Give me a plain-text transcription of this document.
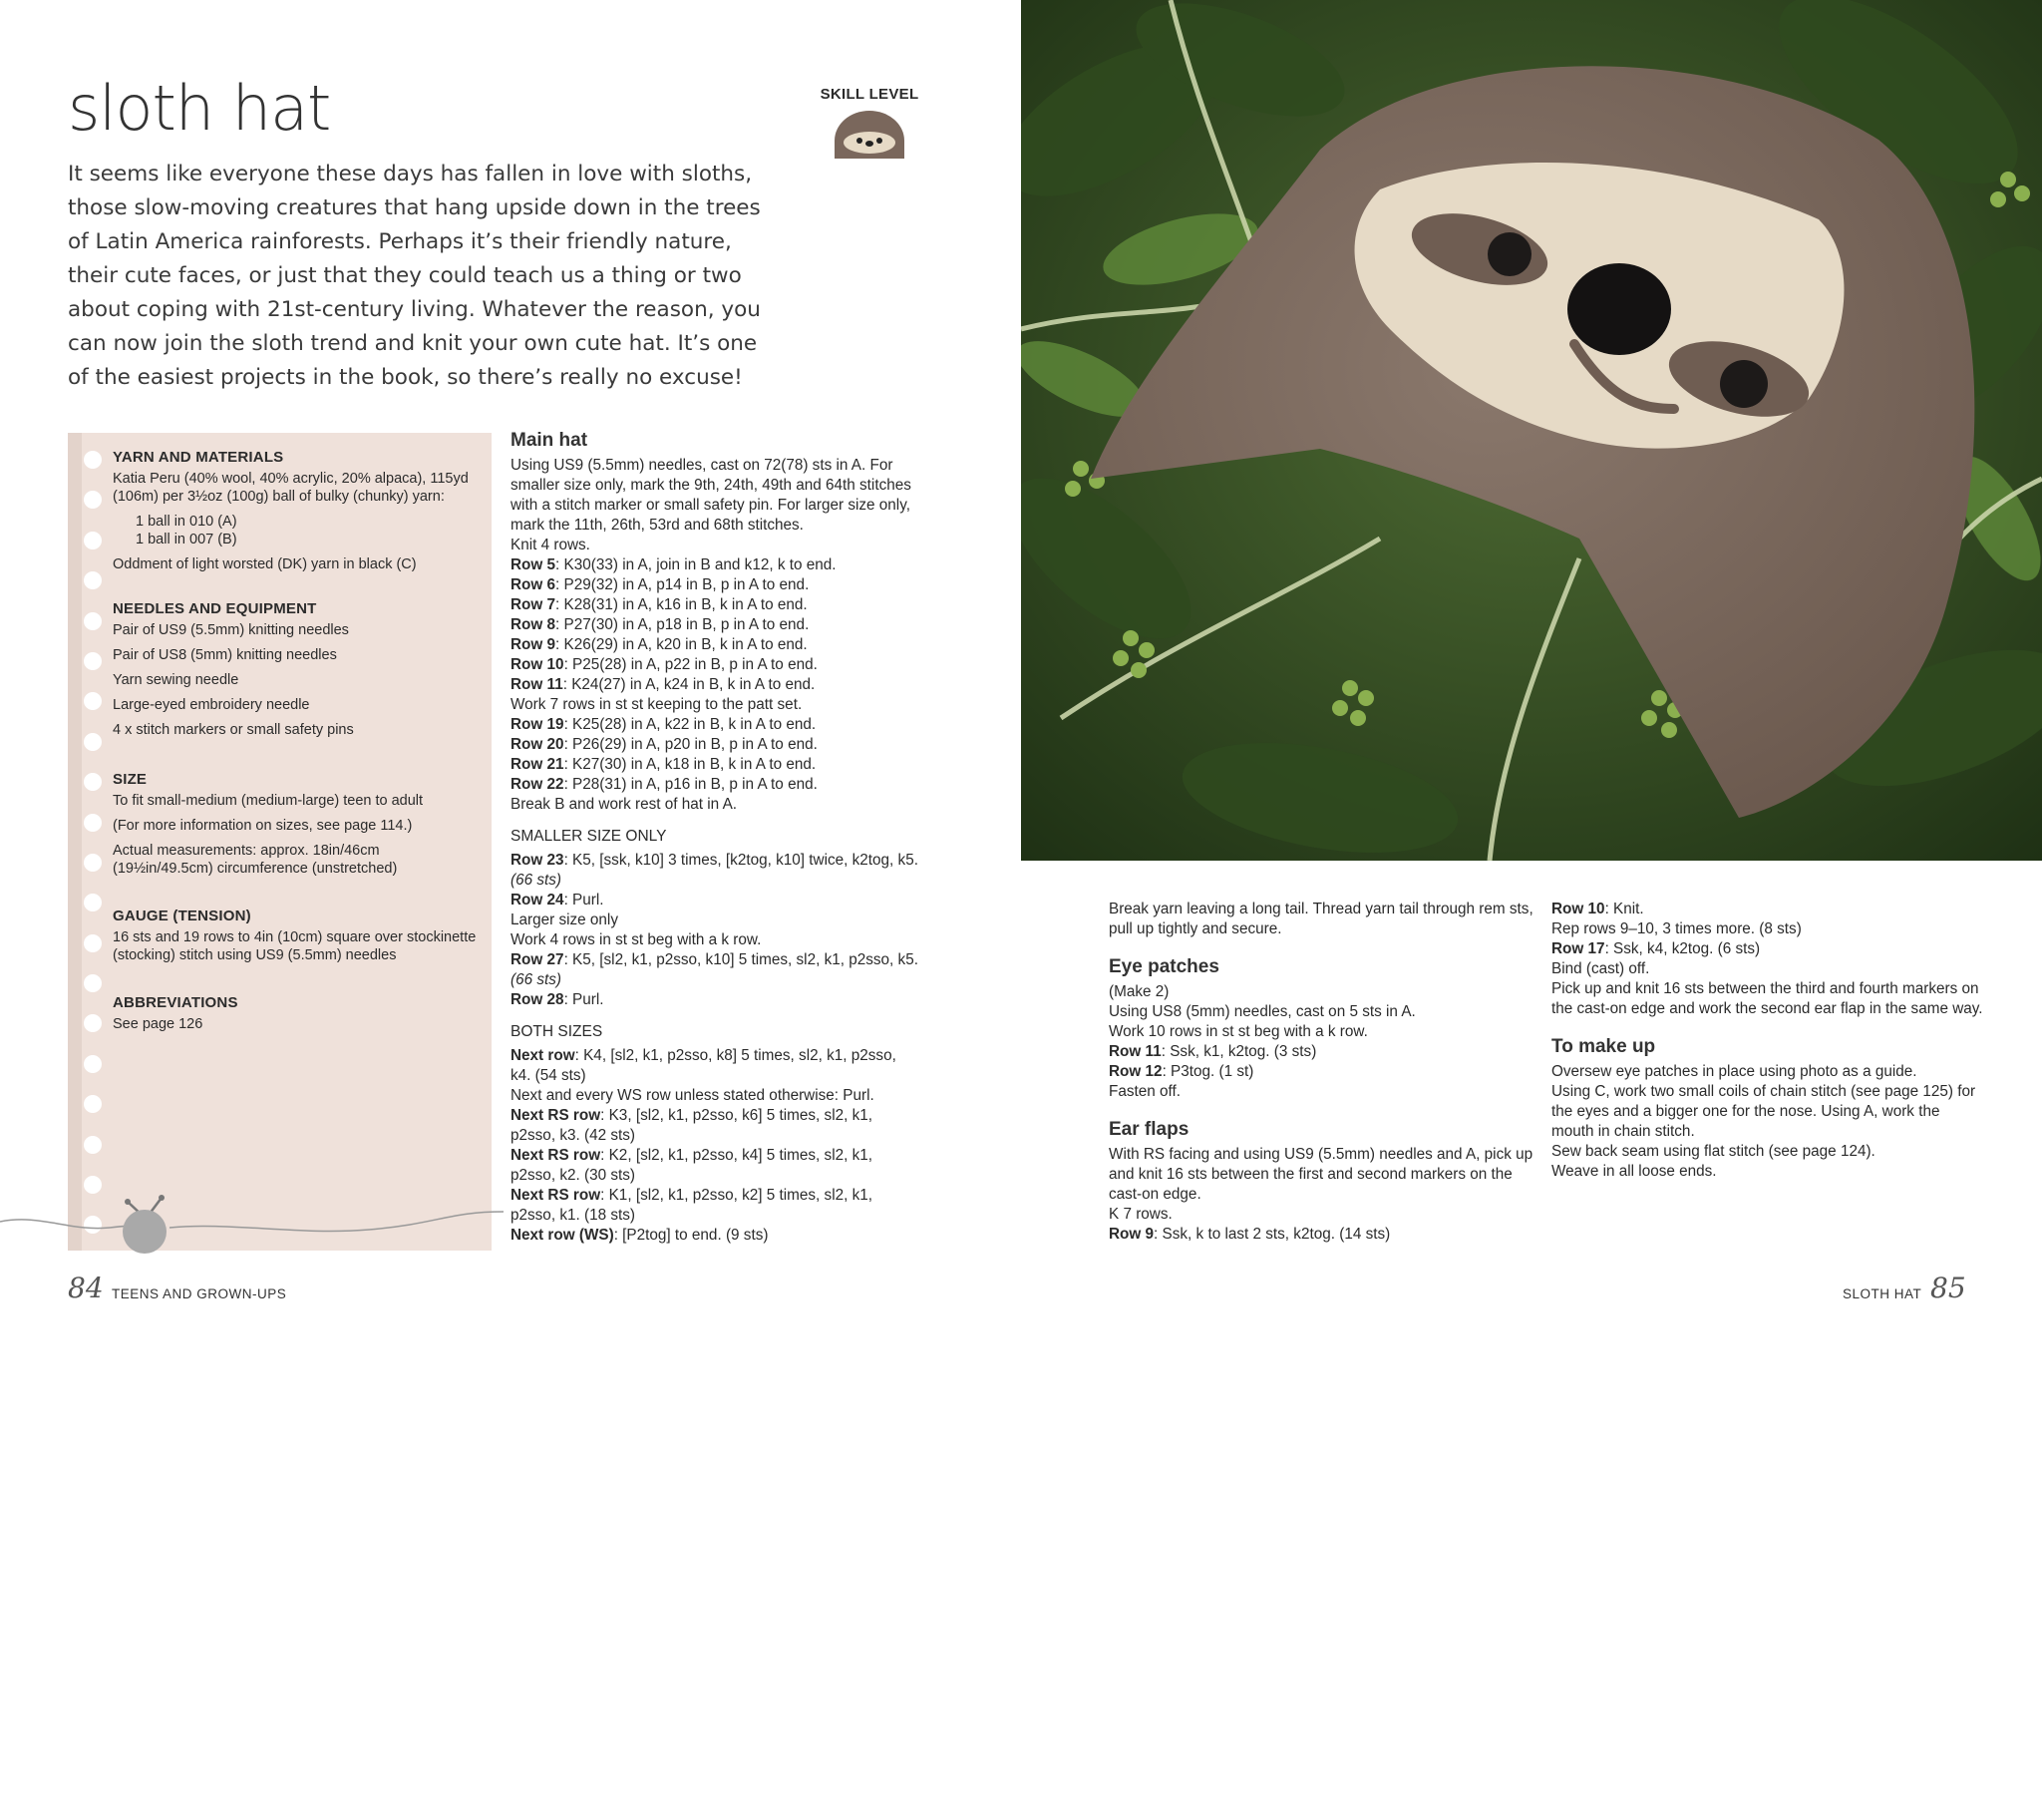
sloth hat
It seems like everyone these days has fallen in love with sloths, those slow-moving creatures that hang upside down in the trees of Latin America rainforests. Perhaps it’s their friendly nature, their cute faces, or just that they could teach us a thing or two about coping with 21st-century living. Whatever the reason, you can now join the sloth trend and knit your own cute hat. It’s one of the easiest projects in the book, so there’s really no excuse!
SKILL LEVEL

YARN AND MATERIALS

Katia Peru (40% wool, 40% acrylic, 20% alpaca), 115yd (106m) per 3½oz (100g) ball of bulky (chunky) yarn:

1 ball in 010 (A)

1 ball in 007 (B)

Oddment of light worsted (DK) yarn in black (C)

NEEDLES AND EQUIPMENT

Pair of US9 (5.5mm) knitting needles

Pair of US8 (5mm) knitting needles

Yarn sewing needle

Large-eyed embroidery needle

4 x stitch markers or small safety pins

SIZE

To fit small-medium (medium-large) teen to adult

(For more information on sizes, see page 114.)

Actual measurements: approx. 18in/46cm (19½in/49.5cm) circumference (unstretched)

GAUGE (TENSION)

16 sts and 19 rows to 4in (10cm) square over stockinette (stocking) stitch using US9 (5.5mm) needles

ABBREVIATIONS

See page 126

Main hat

Using US9 (5.5mm) needles, cast on 72(78) sts in A. For smaller size only, mark the 9th, 24th, 49th and 64th stitches with a stitch marker or small safety pin. For larger size only, mark the 11th, 26th, 53rd and 68th stitches.

Knit 4 rows.

Row 5: K30(33) in A, join in B and k12, k to end.

Row 6: P29(32) in A, p14 in B, p in A to end.

Row 7: K28(31) in A, k16 in B, k in A to end.

Row 8: P27(30) in A, p18 in B, p in A to end.

Row 9: K26(29) in A, k20 in B, k in A to end.

Row 10: P25(28) in A, p22 in B, p in A to end.

Row 11: K24(27) in A, k24 in B, k in A to end.

Work 7 rows in st st keeping to the patt set.

Row 19: K25(28) in A, k22 in B, k in A to end.

Row 20: P26(29) in A, p20 in B, p in A to end.

Row 21: K27(30) in A, k18 in B, k in A to end.

Row 22: P28(31) in A, p16 in B, p in A to end.

Break B and work rest of hat in A.

SMALLER SIZE ONLY

Row 23: K5, [ssk, k10] 3 times, [k2tog, k10] twice, k2tog, k5. (66 sts)

Row 24: Purl.

Larger size only

Work 4 rows in st st beg with a k row.

Row 27: K5, [sl2, k1, p2sso, k10] 5 times, sl2, k1, p2sso, k5. (66 sts)

Row 28: Purl.

BOTH SIZES

Next row: K4, [sl2, k1, p2sso, k8] 5 times, sl2, k1, p2sso, k4. (54 sts)

Next and every WS row unless stated otherwise: Purl.

Next RS row: K3, [sl2, k1, p2sso, k6] 5 times, sl2, k1, p2sso, k3. (42 sts)

Next RS row: K2, [sl2, k1, p2sso, k4] 5 times, sl2, k1, p2sso, k2. (30 sts)

Next RS row: K1, [sl2, k1, p2sso, k2] 5 times, sl2, k1, p2sso, k1. (18 sts)

Next row (WS): [P2tog] to end. (9 sts)

Break yarn leaving a long tail. Thread yarn tail through rem sts, pull up tightly and secure.

Eye patches

(Make 2)

Using US8 (5mm) needles, cast on 5 sts in A.

Work 10 rows in st st beg with a k row.

Row 11: Ssk, k1, k2tog. (3 sts)

Row 12: P3tog. (1 st)

Fasten off.

Ear flaps

With RS facing and using US9 (5.5mm) needles and A, pick up and knit 16 sts between the first and second markers on the cast-on edge.

K 7 rows.

Row 9: Ssk, k to last 2 sts, k2tog. (14 sts)

Row 10: Knit.

Rep rows 9–10, 3 times more. (8 sts)

Row 17: Ssk, k4, k2tog. (6 sts)

Bind (cast) off.

Pick up and knit 16 sts between the third and fourth markers on the cast-on edge and work the second ear flap in the same way.

To make up

Oversew eye patches in place using photo as a guide.

Using C, work two small coils of chain stitch (see page 125) for the eyes and a bigger one for the nose. Using A, work the mouth in chain stitch.

Sew back seam using flat stitch (see page 124).

Weave in all loose ends.

84 TEENS AND GROWN-UPS	SLOTH HAT 85
